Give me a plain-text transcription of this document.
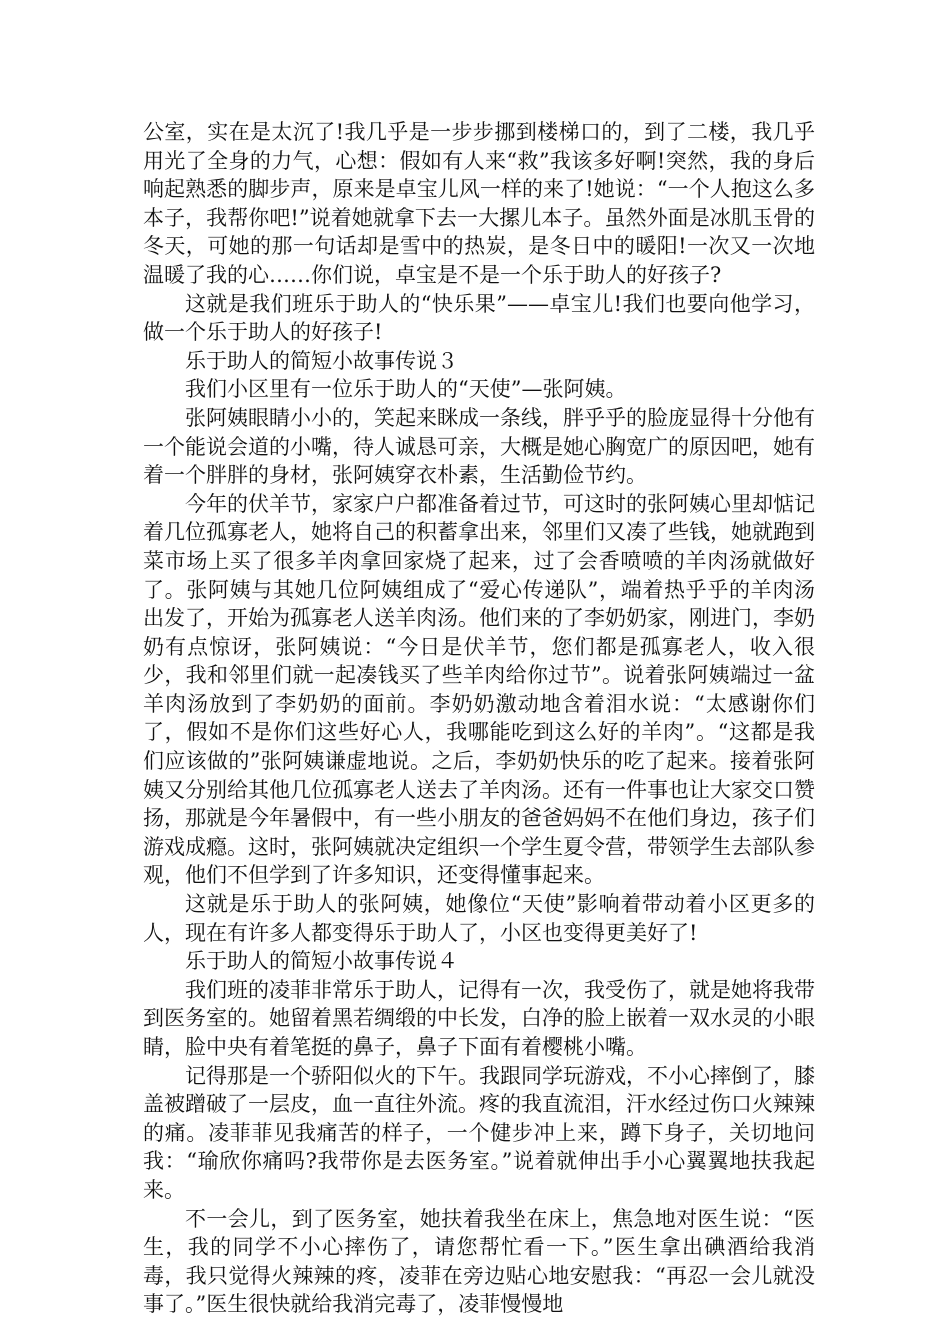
公室，实在是太沉了!我几乎是一步步挪到楼梯口的，到了二楼，我几乎用光了全身的力气，心想：假如有人来“救”我该多好啊!突然，我的身后响起熟悉的脚步声，原来是卓宝儿风一样的来了!她说：“一个人抱这么多本子，我帮你吧!”说着她就拿下去一大摞儿本子。虽然外面是冰肌玉骨的冬天，可她的那一句话却是雪中的热炭，是冬日中的暖阳!一次又一次地温暖了我的心……你们说，卓宝是不是一个乐于助人的好孩子?

这就是我们班乐于助人的“快乐果”——卓宝儿!我们也要向他学习，做一个乐于助人的好孩子!

乐于助人的简短小故事传说３

我们小区里有一位乐于助人的“天使”—张阿姨。

张阿姨眼睛小小的，笑起来眯成一条线，胖乎乎的脸庞显得十分他有一个能说会道的小嘴，待人诚恳可亲，大概是她心胸宽广的原因吧，她有着一个胖胖的身材，张阿姨穿衣朴素，生活勤俭节约。

今年的伏羊节，家家户户都准备着过节，可这时的张阿姨心里却惦记着几位孤寡老人，她将自己的积蓄拿出来，邻里们又凑了些钱，她就跑到菜市场上买了很多羊肉拿回家烧了起来，过了会香喷喷的羊肉汤就做好了。张阿姨与其她几位阿姨组成了“爱心传递队”，端着热乎乎的羊肉汤出发了，开始为孤寡老人送羊肉汤。他们来的了李奶奶家，刚进门，李奶奶有点惊讶，张阿姨说：“今日是伏羊节，您们都是孤寡老人，收入很少，我和邻里们就一起凑钱买了些羊肉给你过节”。说着张阿姨端过一盆羊肉汤放到了李奶奶的面前。李奶奶激动地含着泪水说：“太感谢你们了，假如不是你们这些好心人，我哪能吃到这么好的羊肉”。“这都是我们应该做的”张阿姨谦虚地说。之后，李奶奶快乐的吃了起来。接着张阿姨又分别给其他几位孤寡老人送去了羊肉汤。还有一件事也让大家交口赞扬，那就是今年暑假中，有一些小朋友的爸爸妈妈不在他们身边，孩子们游戏成瘾。这时，张阿姨就决定组织一个学生夏令营，带领学生去部队参观，他们不但学到了许多知识，还变得懂事起来。

这就是乐于助人的张阿姨，她像位“天使”影响着带动着小区更多的人，现在有许多人都变得乐于助人了，小区也变得更美好了!

乐于助人的简短小故事传说４

我们班的凌菲非常乐于助人，记得有一次，我受伤了，就是她将我带到医务室的。她留着黑若绸缎的中长发，白净的脸上嵌着一双水灵的小眼睛，脸中央有着笔挺的鼻子，鼻子下面有着樱桃小嘴。

记得那是一个骄阳似火的下午。我跟同学玩游戏，不小心摔倒了，膝盖被蹭破了一层皮，血一直往外流。疼的我直流泪，汗水经过伤口火辣辣的痛。凌菲菲见我痛苦的样子，一个健步冲上来，蹲下身子，关切地问我：“瑜欣你痛吗?我带你是去医务室。”说着就伸出手小心翼翼地扶我起来。

不一会儿，到了医务室，她扶着我坐在床上，焦急地对医生说：“医生，我的同学不小心摔伤了，请您帮忙看一下。”医生拿出碘酒给我消毒，我只觉得火辣辣的疼，凌菲在旁边贴心地安慰我：“再忍一会儿就没事了。”医生很快就给我消完毒了，凌菲慢慢地
